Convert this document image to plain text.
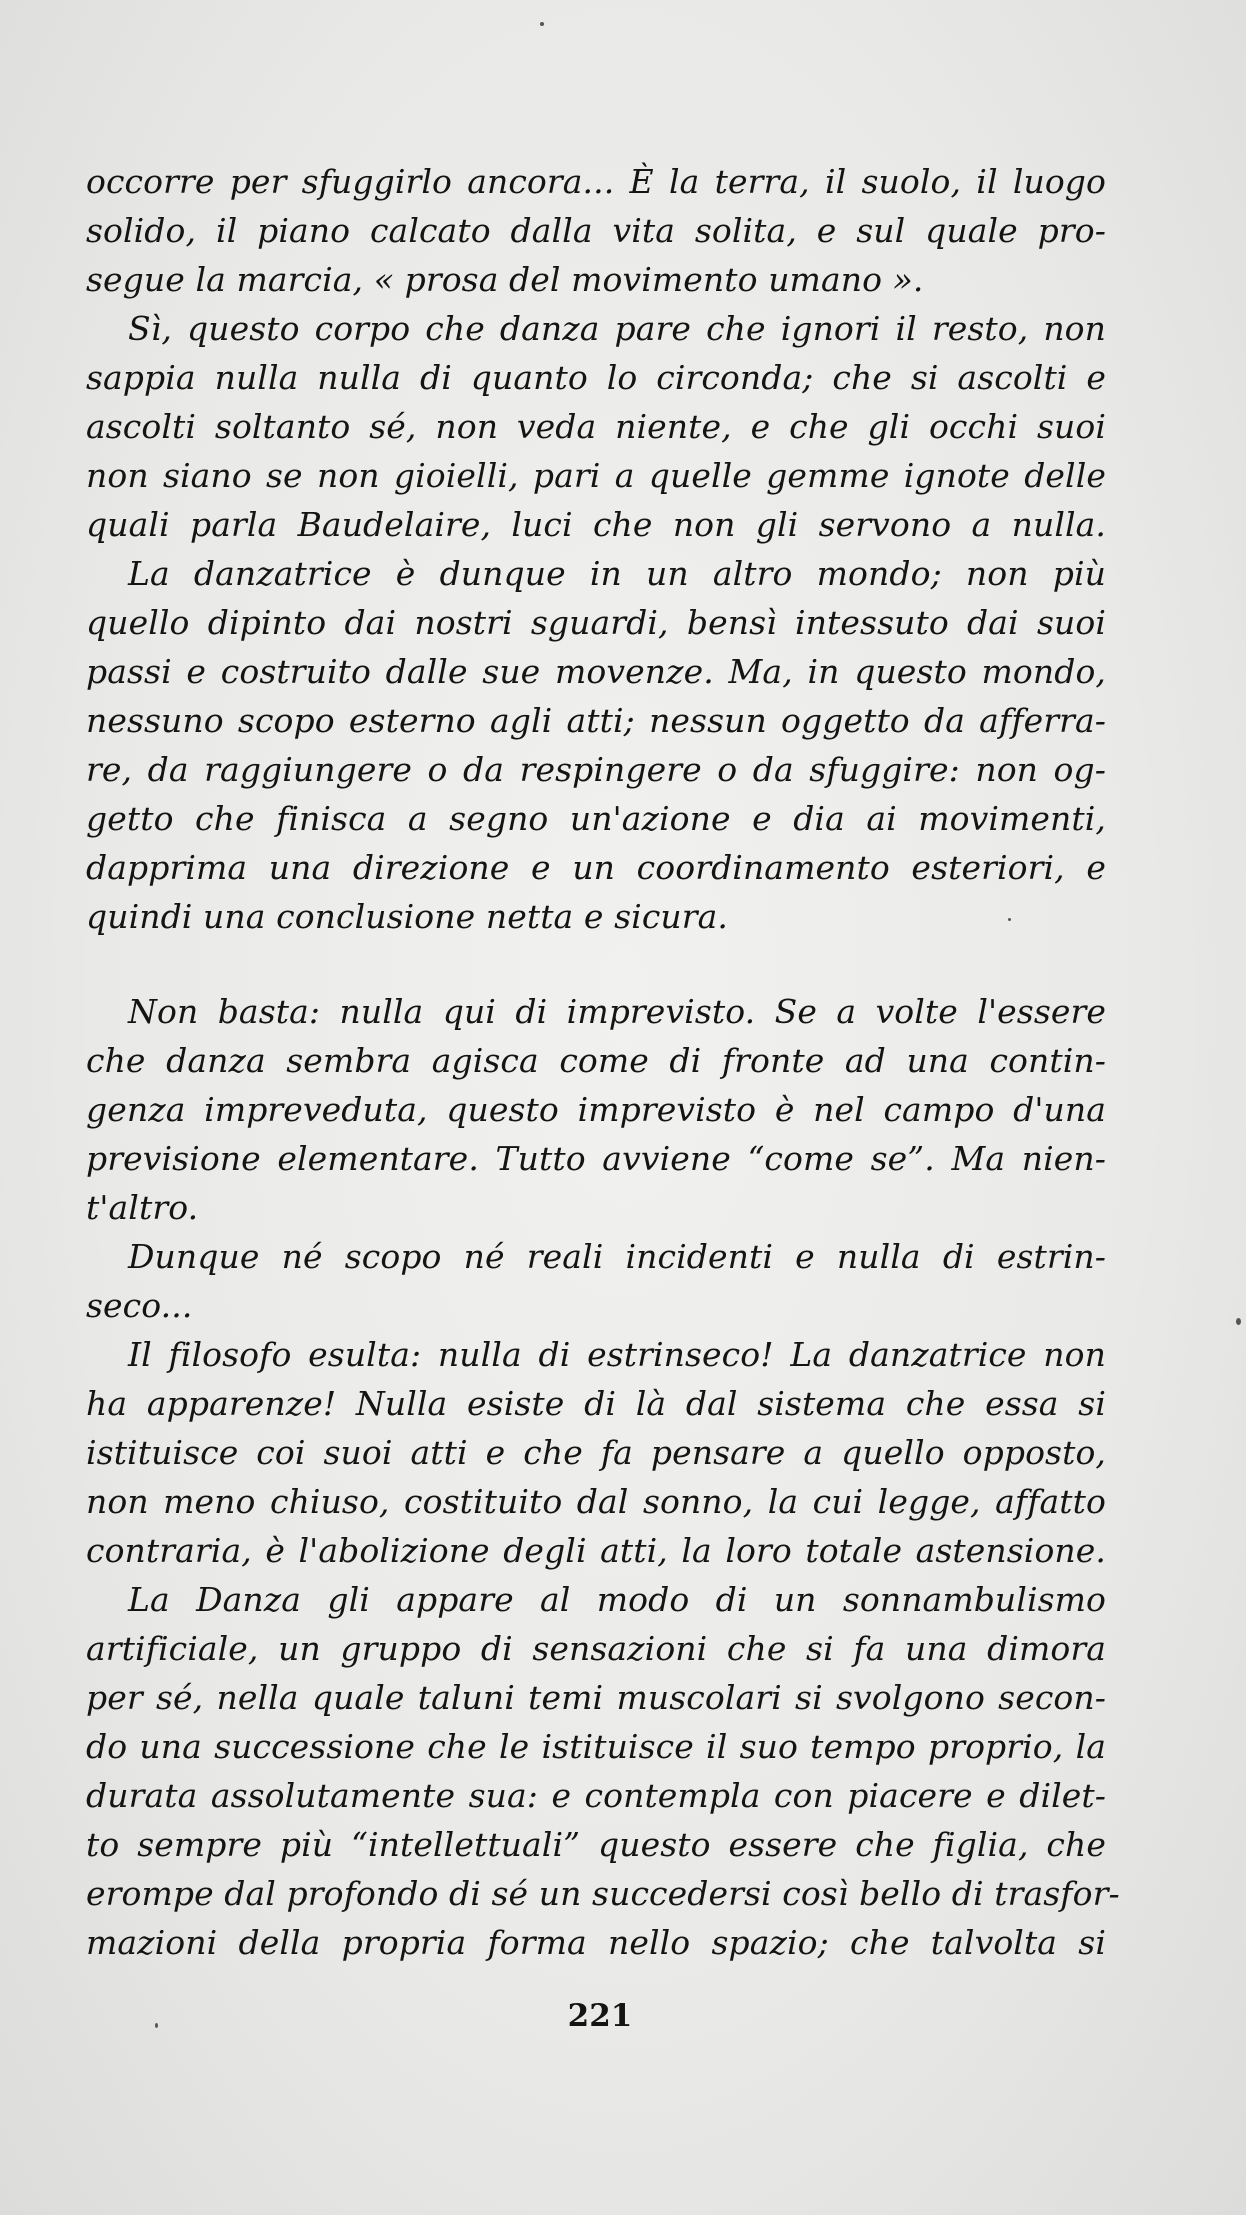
occorre per sfuggirlo ancora... È la terra, il suolo, il luogo
solido, il piano calcato dalla vita solita, e sul quale pro-
segue la marcia, « prosa del movimento umano ».
Sì, questo corpo che danza pare che ignori il resto, non
sappia nulla nulla di quanto lo circonda; che si ascolti e
ascolti soltanto sé, non veda niente, e che gli occhi suoi
non siano se non gioielli, pari a quelle gemme ignote delle
quali parla Baudelaire, luci che non gli servono a nulla.
La danzatrice è dunque in un altro mondo; non più
quello dipinto dai nostri sguardi, bensì intessuto dai suoi
passi e costruito dalle sue movenze. Ma, in questo mondo,
nessuno scopo esterno agli atti; nessun oggetto da afferra-
re, da raggiungere o da respingere o da sfuggire: non og-
getto che finisca a segno un'azione e dia ai movimenti,
dapprima una direzione e un coordinamento esteriori, e
quindi una conclusione netta e sicura.
Non basta: nulla qui di imprevisto. Se a volte l'essere
che danza sembra agisca come di fronte ad una contin-
genza impreveduta, questo imprevisto è nel campo d'una
previsione elementare. Tutto avviene “come se”. Ma nien-
t'altro.
Dunque né scopo né reali incidenti e nulla di estrin-
seco...
Il filosofo esulta: nulla di estrinseco! La danzatrice non
ha apparenze! Nulla esiste di là dal sistema che essa si
istituisce coi suoi atti e che fa pensare a quello opposto,
non meno chiuso, costituito dal sonno, la cui legge, affatto
contraria, è l'abolizione degli atti, la loro totale astensione.
La Danza gli appare al modo di un sonnambulismo
artificiale, un gruppo di sensazioni che si fa una dimora
per sé, nella quale taluni temi muscolari si svolgono secon-
do una successione che le istituisce il suo tempo proprio, la
durata assolutamente sua: e contempla con piacere e dilet-
to sempre più “intellettuali” questo essere che figlia, che
erompe dal profondo di sé un succedersi così bello di trasfor-
mazioni della propria forma nello spazio; che talvolta si
221
